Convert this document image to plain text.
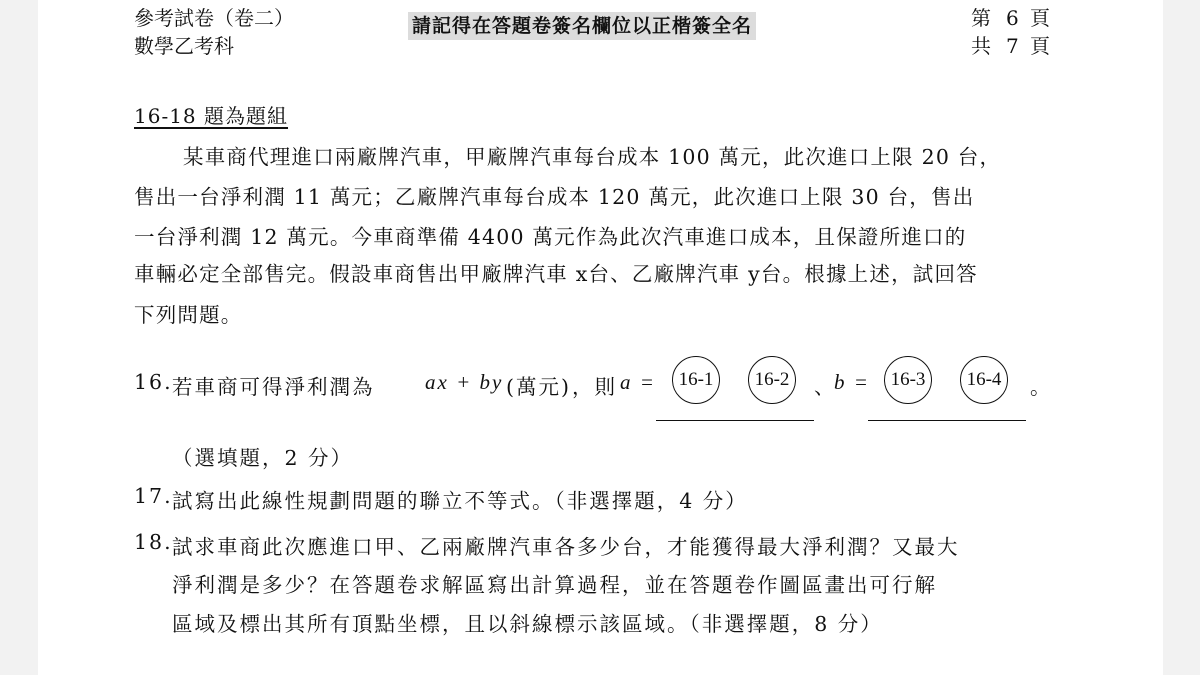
參考試卷（卷二）
數學乙考科
請記得在答題卷簽名欄位以正楷簽全名	第 6 頁
共 7 頁
16-18 題為題組
某車商代理進口兩廠牌汽車，甲廠牌汽車每台成本 100 萬元，此次進口上限 20 台，
售出一台淨利潤 11 萬元；乙廠牌汽車每台成本 120 萬元，此次進口上限 30 台，售出
一台淨利潤 12 萬元。今車商準備 4400 萬元作為此次汽車進口成本，且保證所進口的
車輛必定全部售完。假設車商售出甲廠牌汽車 x台、乙廠牌汽車 y台。根據上述，試回答
下列問題。
16. 若車商可得淨利潤為 ax + by (萬元) ，則 a =	16-1	16-2	、
b =	16-3	16-4	。
（選填題，2 分）
17. 試寫出此線性規劃問題的聯立不等式。（非選擇題，4 分）
18. 試求車商此次應進口甲、乙兩廠牌汽車各多少台，才能獲得最大淨利潤？又最大
淨利潤是多少？在答題卷求解區寫出計算過程，並在答題卷作圖區畫出可行解
區域及標出其所有頂點坐標，且以斜線標示該區域。（非選擇題，8 分）
